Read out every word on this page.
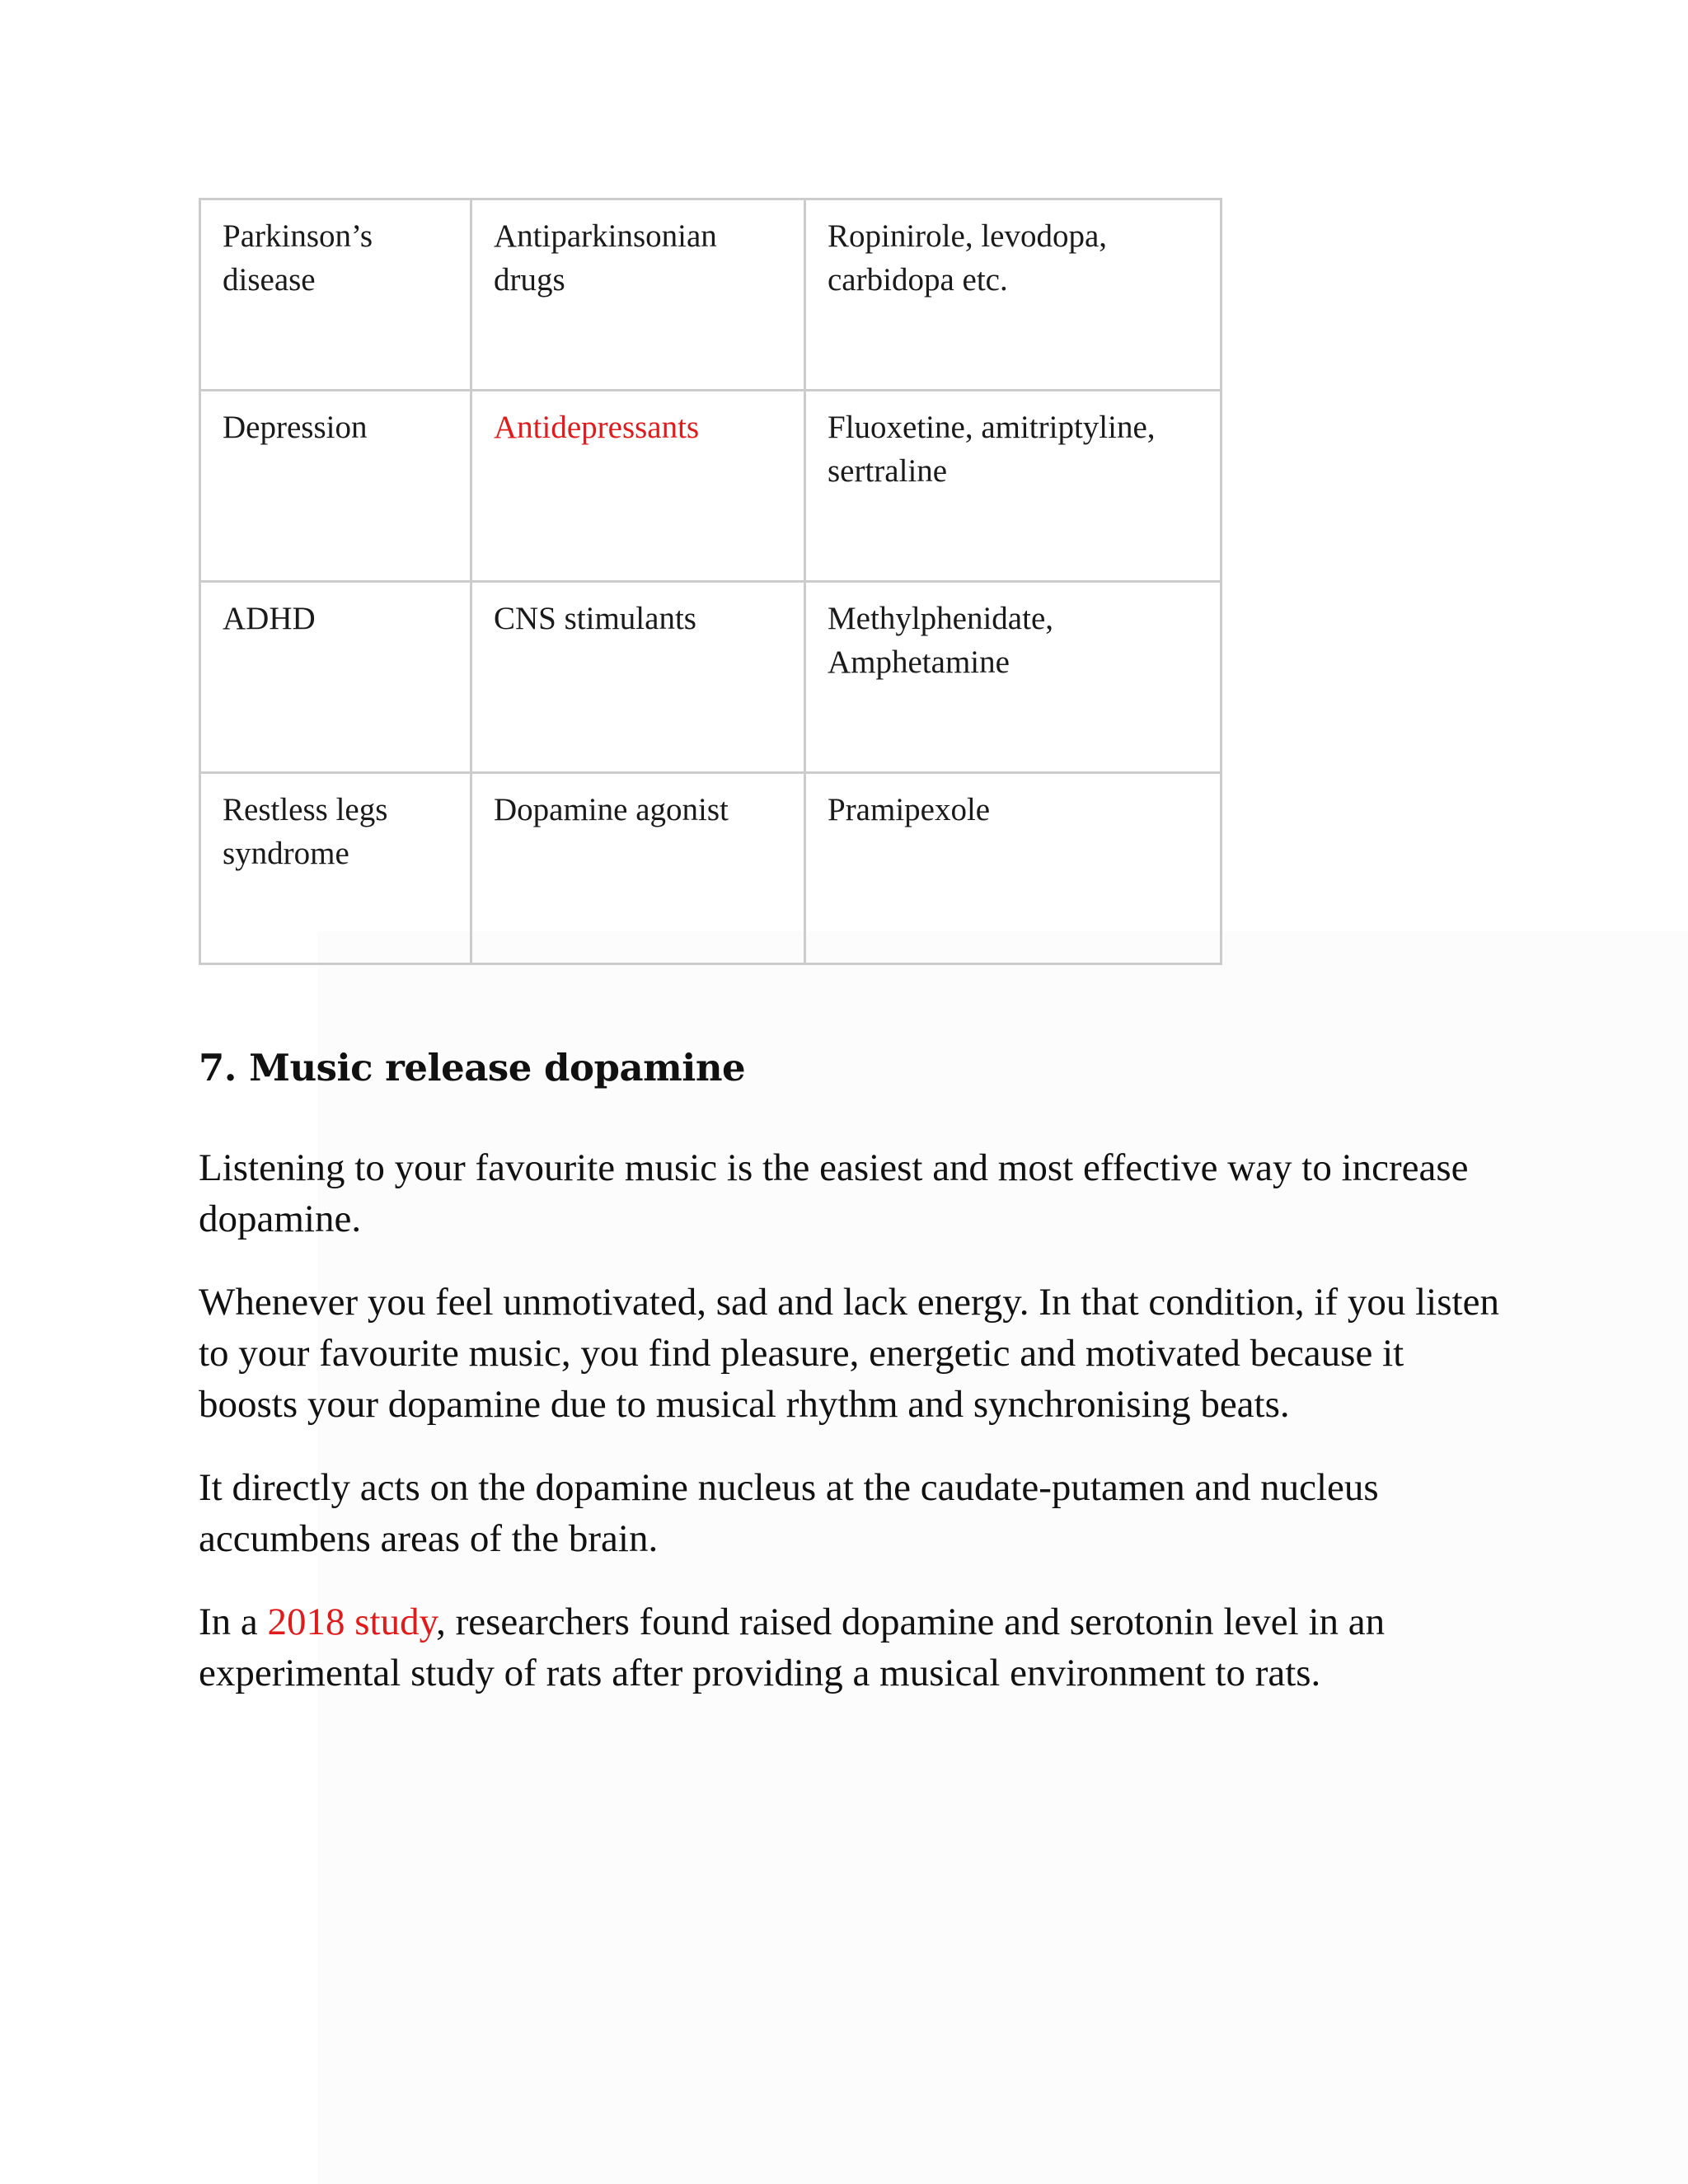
Parkinson’s disease	Antiparkinsonian drugs	Ropinirole, levodopa, carbidopa etc.
Depression	Antidepressants	Fluoxetine, amitriptyline, sertraline
ADHD	CNS stimulants	Methylphenidate, Amphetamine
Restless legs syndrome	Dopamine agonist	Pramipexole
7. Music release dopamine

Listening to your favourite music is the easiest and most effective way to increase dopamine.

Whenever you feel unmotivated, sad and lack energy. In that condition, if you listen to your favourite music, you find pleasure, energetic and motivated because it boosts your dopamine due to musical rhythm and synchronising beats.

It directly acts on the dopamine nucleus at the caudate-putamen and nucleus accumbens areas of the brain.

In a 2018 study, researchers found raised dopamine and serotonin level in an experimental study of rats after providing a musical environment to rats.
